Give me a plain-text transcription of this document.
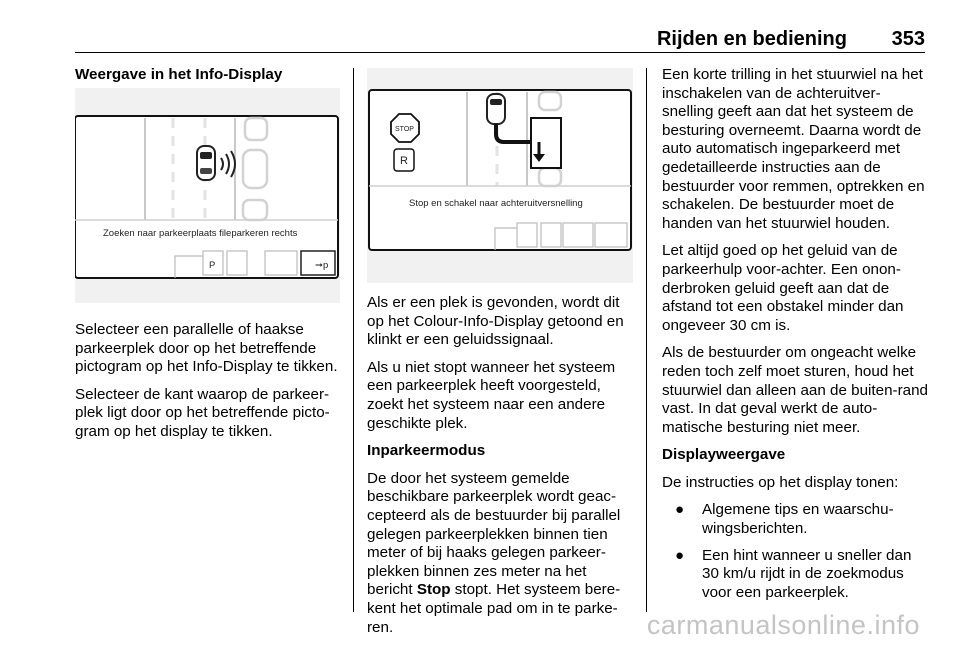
Rijden en bediening 353

Weergave in het Info-Display

Zoeken naar parkeerplaats fileparkeren rechts
P	➞p

Selecteer een parallelle of haakse parkeerplek door op het betreffende pictogram op het Info-Display te tikken.

Selecteer de kant waarop de parkeer-plek ligt door op het betreffende picto-gram op het display te tikken.

STOP
R
Stop en schakel naar achteruitversnelling

Als er een plek is gevonden, wordt dit op het Colour-Info-Display getoond en klinkt er een geluidssignaal.

Als u niet stopt wanneer het systeem een parkeerplek heeft voorgesteld, zoekt het systeem naar een andere geschikte plek.

Inparkeermodus

De door het systeem gemelde beschikbare parkeerplek wordt geac-cepteerd als de bestuurder bij parallel gelegen parkeerplekken binnen tien meter of bij haaks gelegen parkeer-plekken binnen zes meter na het bericht Stop stopt. Het systeem bere-kent het optimale pad om in te parke-ren.

Een korte trilling in het stuurwiel na het inschakelen van de achteruitver-snelling geeft aan dat het systeem de besturing overneemt. Daarna wordt de auto automatisch ingeparkeerd met gedetailleerde instructies aan de bestuurder voor remmen, optrekken en schakelen. De bestuurder moet de handen van het stuurwiel houden.

Let altijd goed op het geluid van de parkeerhulp voor-achter. Een onon-derbroken geluid geeft aan dat de afstand tot een obstakel minder dan ongeveer 30 cm is.

Als de bestuurder om ongeacht welke reden toch zelf moet sturen, houd het stuurwiel dan alleen aan de buiten-rand vast. In dat geval werkt de auto-matische besturing niet meer.

Displayweergave

De instructies op het display tonen:

● Algemene tips en waarschu-wingsberichten.
● Een hint wanneer u sneller dan 30 km/u rijdt in de zoekmodus voor een parkeerplek.
carmanualsonline.info
